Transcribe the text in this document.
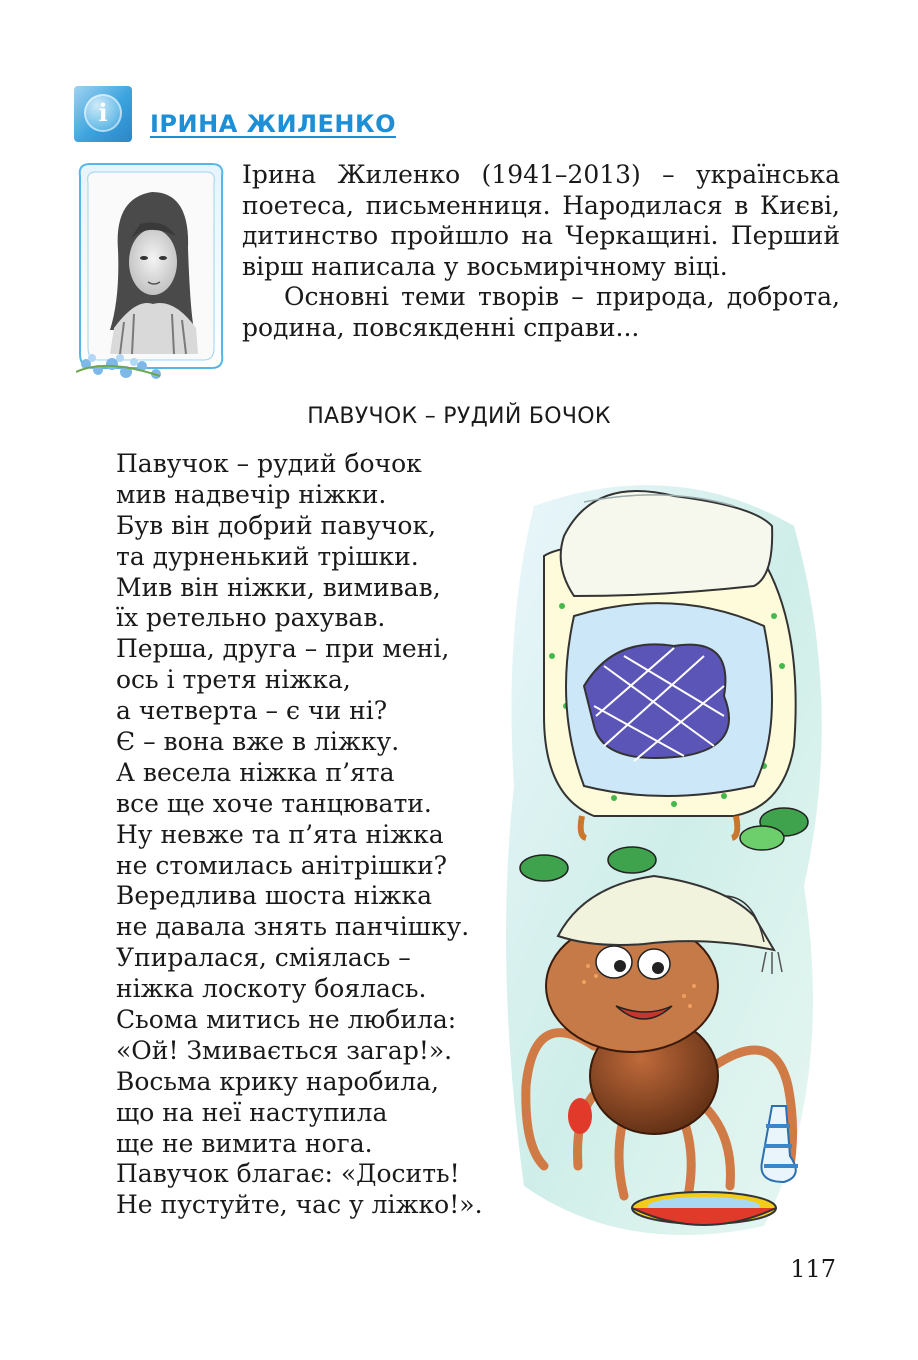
i	ІРИНА ЖИЛЕНКО

Ірина Жиленко (1941–2013) – українська поетеса, письменниця. Народилася в Києві, дитинство пройшло на Черкащині. Перший вірш написала у восьмирічному віці.

Основні теми творів – природа, доброта, родина, повсякденні справи...

ПАВУЧОК – РУДИЙ БОЧОК
Павучок – рудий бочок
мив надвечір ніжки.
Був він добрий павучок,
та дурненький трішки.
Мив він ніжки, вимивав,
їх ретельно рахував.
Перша, друга – при мені,
ось і третя ніжка,
а четверта – є чи ні?
Є – вона вже в ліжку.
А весела ніжка п’ята
все ще хоче танцювати.
Ну невже та п’ята ніжка
не стомилась анітрішки?
Вередлива шоста ніжка
не давала знять панчішку.
Упиралася, сміялась –
ніжка лоскоту боялась.
Сьома митись не любила:
«Ой! Змивається загар!».
Восьма крику наробила,
що на неї наступила
ще не вимита нога.
Павучок благає: «Досить!
Не пустуйте, час у ліжко!».
117
